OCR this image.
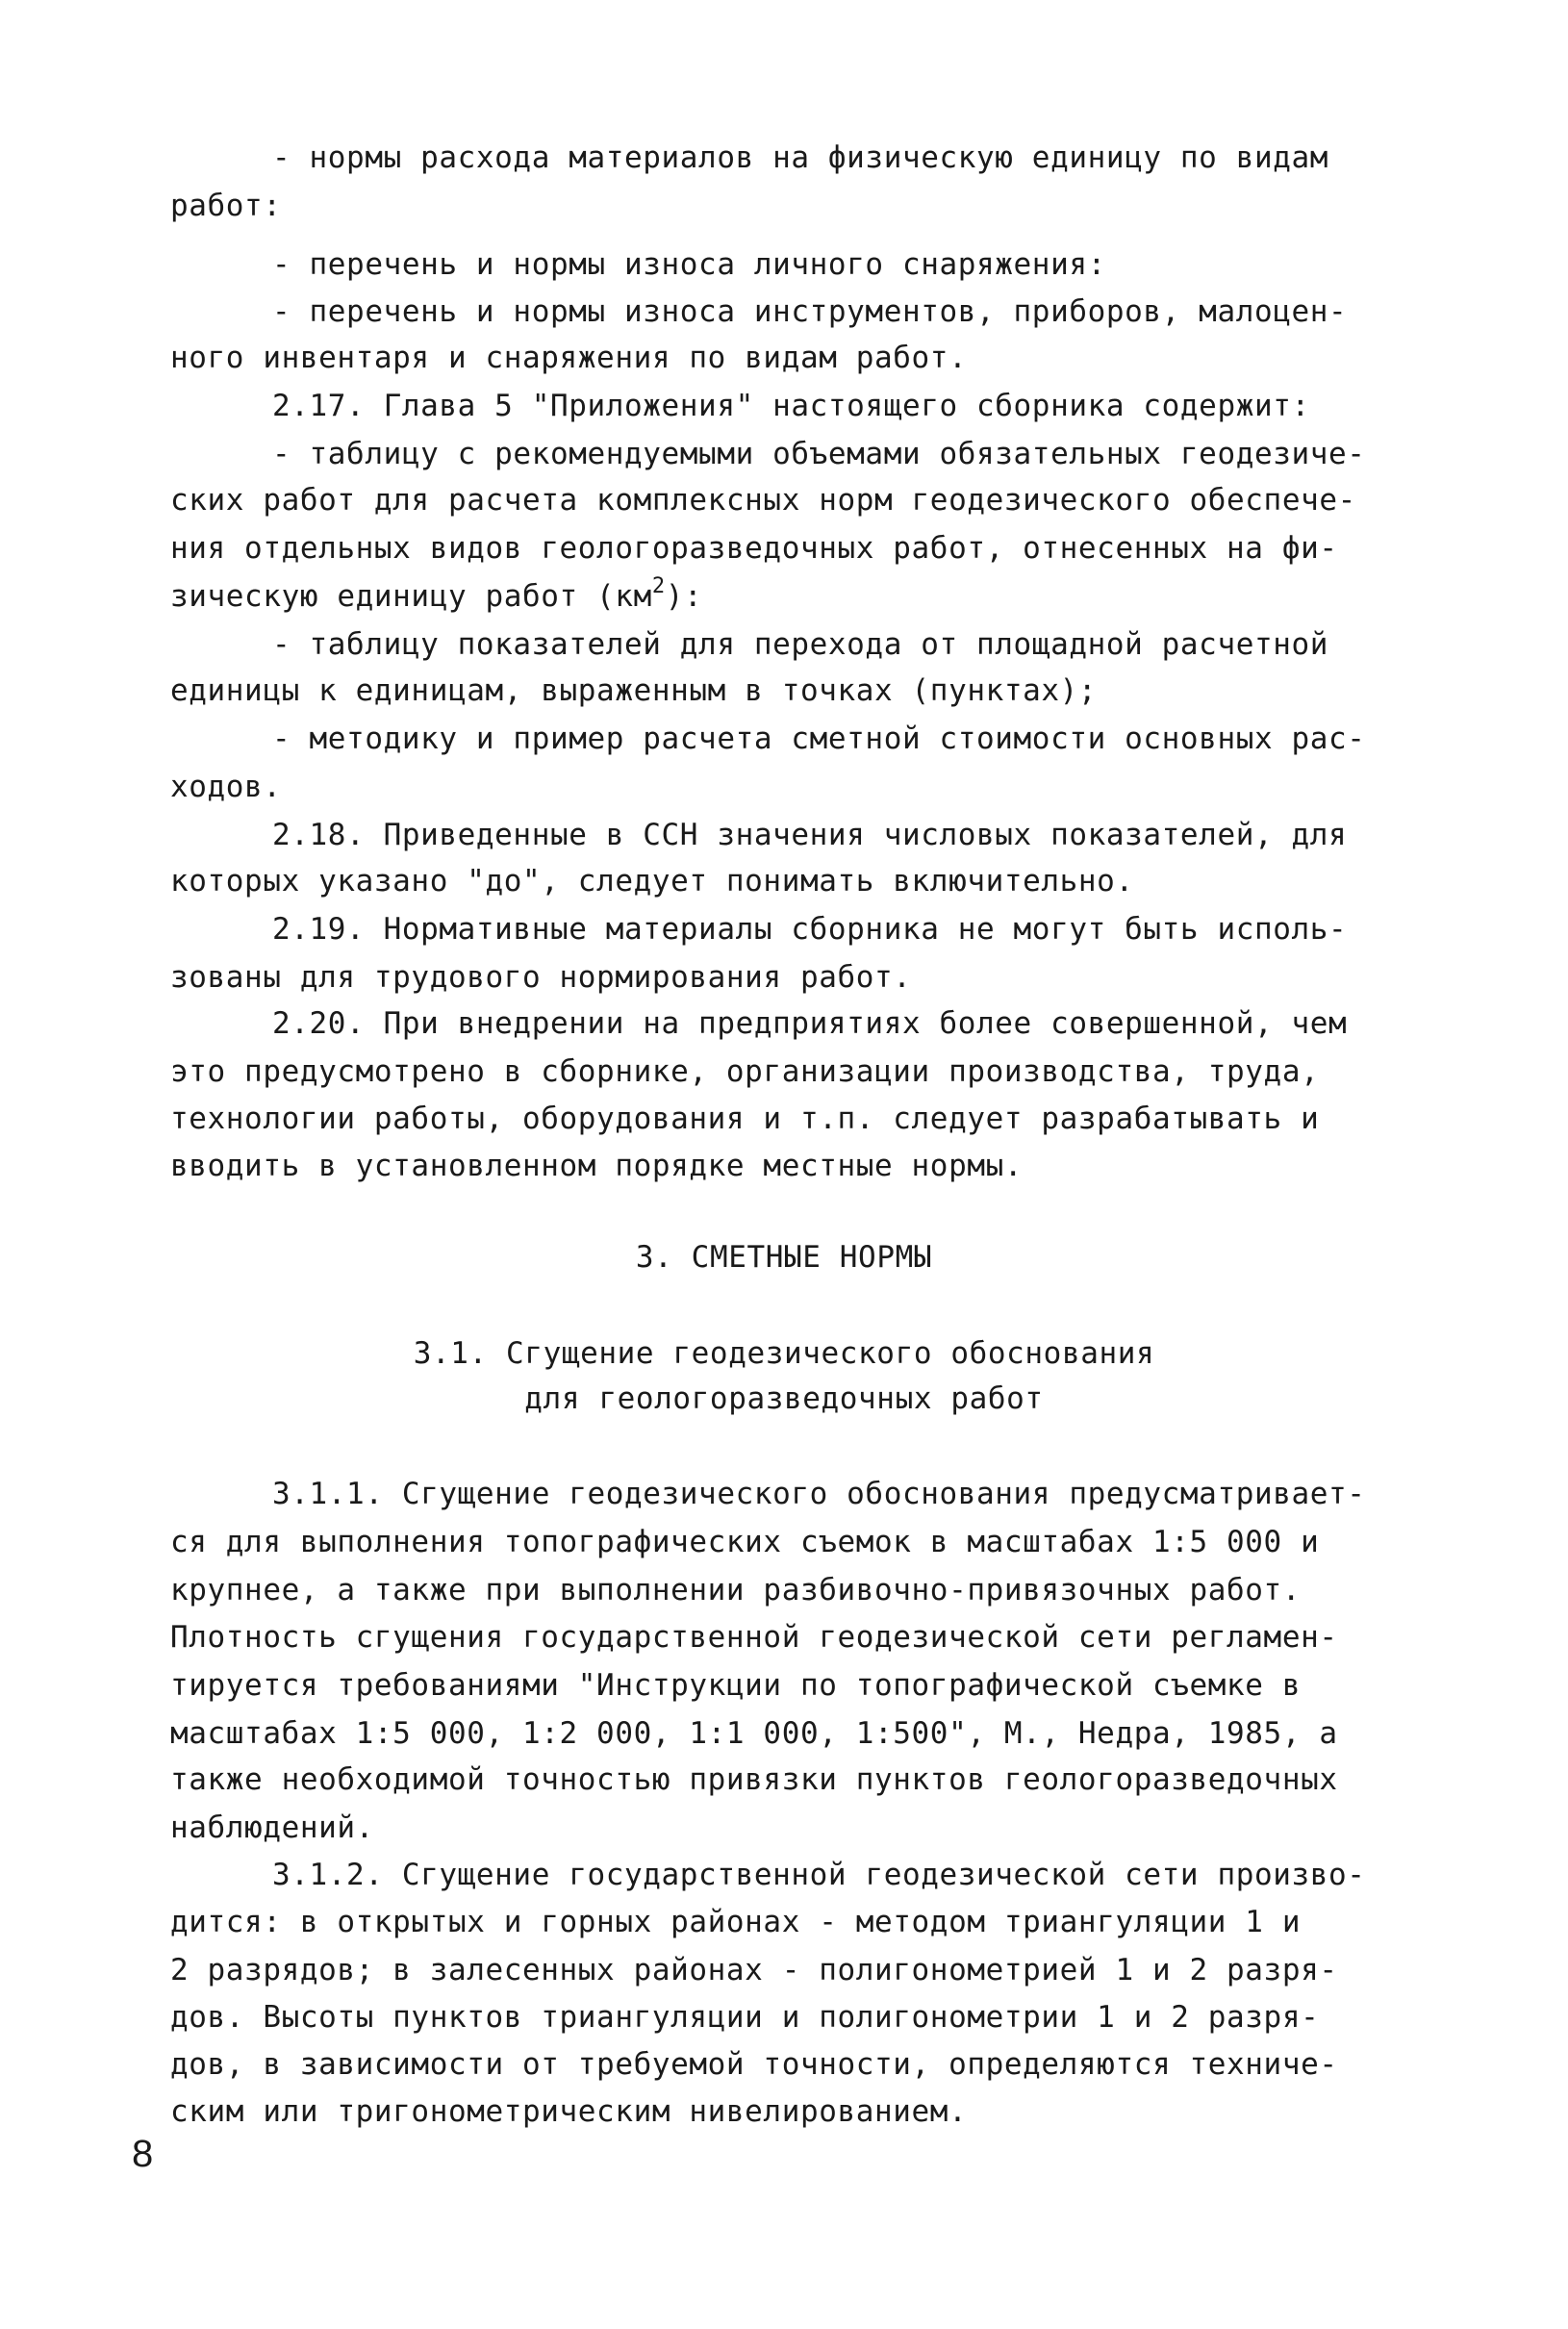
- нормы расхода материалов на физическую единицу по видам
работ:
- перечень и нормы износа личного снаряжения:
- перечень и нормы износа инструментов, приборов, малоцен-
ного инвентаря и снаряжения по видам работ.
2.17. Глава 5 "Приложения" настоящего сборника содержит:
- таблицу с рекомендуемыми объемами обязательных геодезиче-
ских работ для расчета комплексных норм геодезического обеспече-
ния отдельных видов геологоразведочных работ, отнесенных на фи-
зическую единицу работ $(км^2)$:
- таблицу показателей для перехода от площадной расчетной
единицы к единицам, выраженным в точках (пунктах);
- методику и пример расчета сметной стоимости основных рас-
ходов.
2.18. Приведенные в ССН значения числовых показателей, для
которых указано "до", следует понимать включительно.
2.19. Нормативные материалы сборника не могут быть исполь-
зованы для трудового нормирования работ.
2.20. При внедрении на предприятиях более совершенной, чем
это предусмотрено в сборнике, организации производства, труда,
технологии работы, оборудования и т.п. следует разрабатывать и
вводить в установленном порядке местные нормы.
3. СМЕТНЫЕ НОРМЫ
3.1. Сгущение геодезического обоснования
для геологоразведочных работ
3.1.1. Сгущение геодезического обоснования предусматривает-
ся для выполнения топографических съемок в масштабах 1:5 000 и
крупнее, а также при выполнении разбивочно-привязочных работ.
Плотность сгущения государственной геодезической сети регламен-
тируется требованиями "Инструкции по топографической съемке в
масштабах 1:5 000, 1:2 000, 1:1 000, 1:500", М., Недра, 1985, а
также необходимой точностью привязки пунктов геологоразведочных
наблюдений.
3.1.2. Сгущение государственной геодезической сети произво-
дится: в открытых и горных районах - методом триангуляции 1 и
2 разрядов; в залесенных районах - полигонометрией 1 и 2 разря-
дов. Высоты пунктов триангуляции и полигонометрии 1 и 2 разря-
дов, в зависимости от требуемой точности, определяются техниче-
ским или тригонометрическим нивелированием.
8
